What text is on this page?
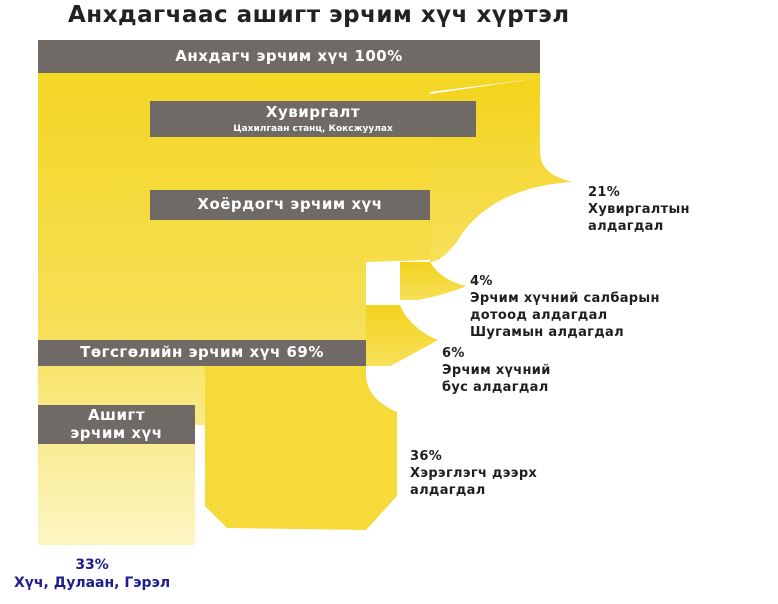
Анхдагчаас ашигт эрчим хүч хүртэл
Анхдагч эрчим хүч 100%
Хувиргалт
Цахилгаан станц, Коксжуулах
Хоёрдогч эрчим хүч
Төгсгөлийн эрчим хүч 69%
Ашигт
эрчим хүч
21%
Хувиргалтын
алдагдал
4%
Эрчим хүчний салбарын
дотоод алдагдал
Шугамын алдагдал
6%
Эрчим хүчний
бус алдагдал
36%
Хэрэглэгч дээрх
алдагдал
33%
Хүч, Дулаан, Гэрэл
